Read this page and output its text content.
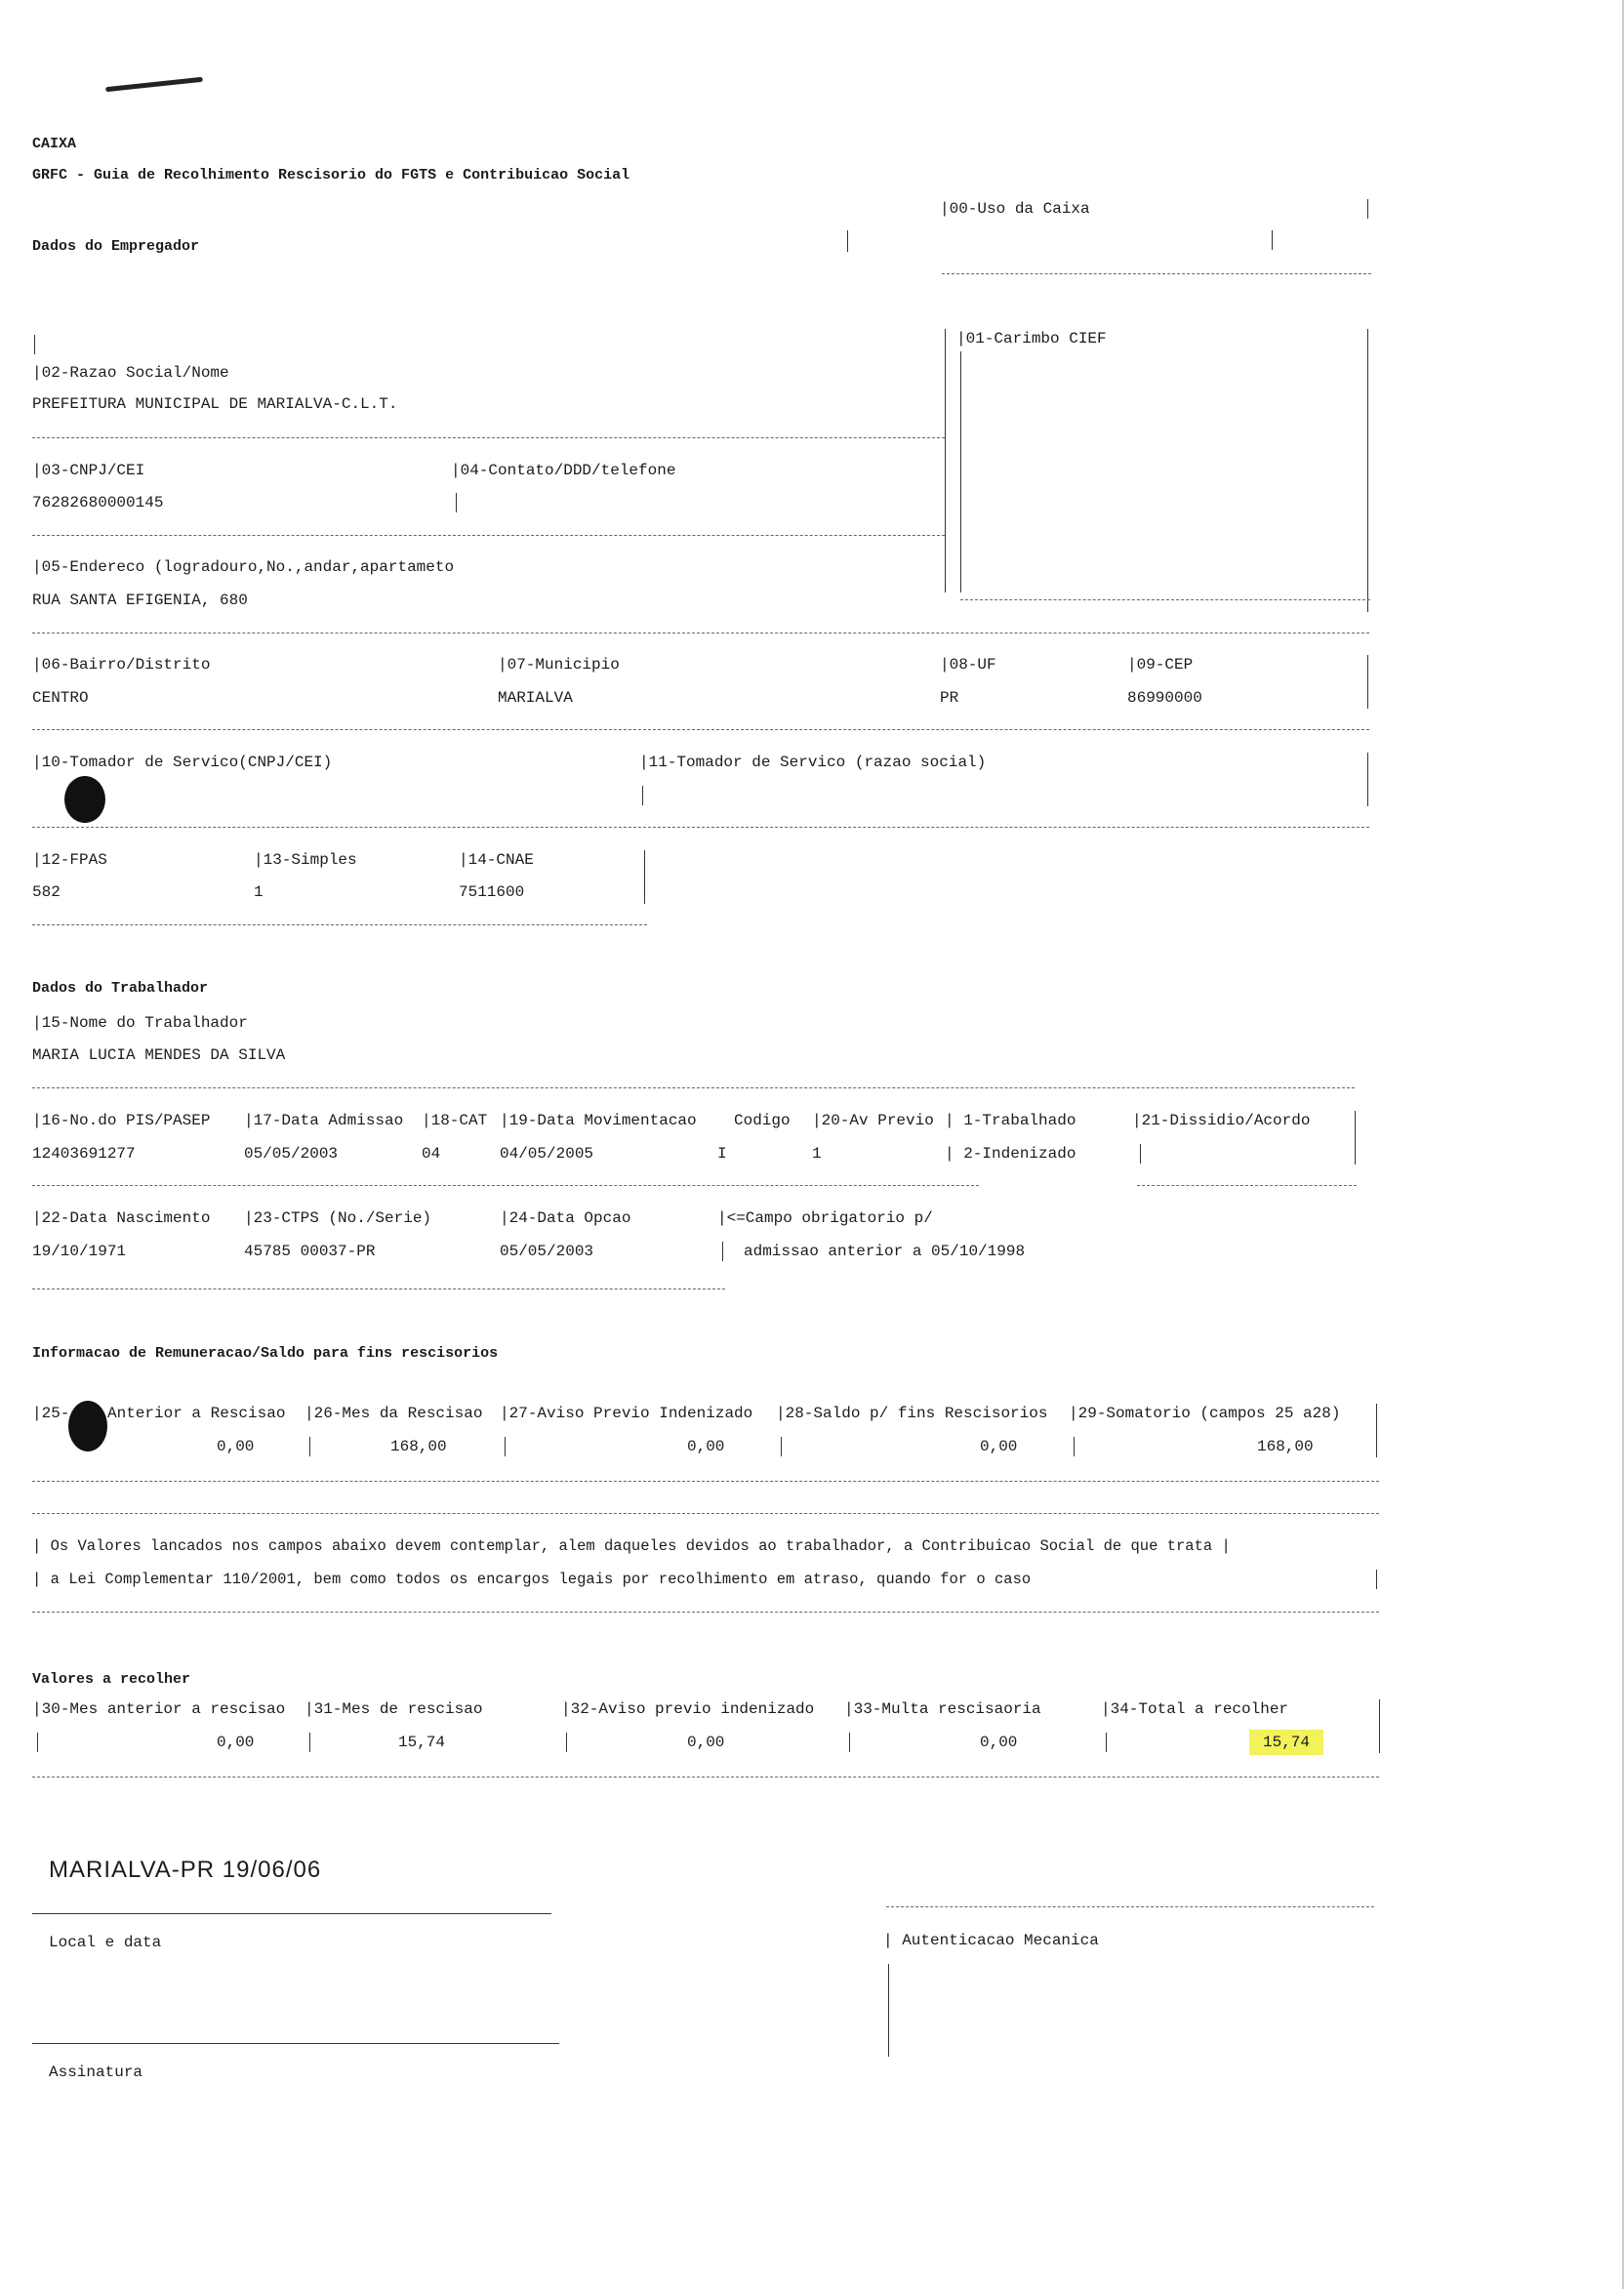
CAIXA
GRFC - Guia de Recolhimento Rescisorio do FGTS e Contribuicao Social
Dados do Empregador
|00-Uso da Caixa
|01-Carimbo CIEF
|02-Razao Social/Nome
PREFEITURA MUNICIPAL DE MARIALVA-C.L.T.
|03-CNPJ/CEI	|04-Contato/DDD/telefone
76282680000145
|05-Endereco (logradouro,No.,andar,apartameto
RUA SANTA EFIGENIA, 680
|06-Bairro/Distrito	|07-Municipio	|08-UF	|09-CEP
CENTRO	MARIALVA	PR	86990000
|10-Tomador de Servico(CNPJ/CEI)	|11-Tomador de Servico (razao social)
|12-FPAS	|13-Simples	|14-CNAE
582	1	7511600
Dados do Trabalhador
|15-Nome do Trabalhador
MARIA LUCIA MENDES DA SILVA
|16-No.do PIS/PASEP |17-Data Admissao |18-CAT |19-Data Movimentacao Codigo |20-Av Previo | 1-Trabalhado	|21-Dissidio/Acordo
12403691277	05/05/2003	04	04/05/2005	I	1	| 2-Indenizado
|22-Data Nascimento |23-CTPS (No./Serie)	|24-Data Opcao	|<=Campo obrigatorio p/
19/10/1971	45785 00037-PR	05/05/2003	admissao anterior a 05/10/1998
Informacao de Remuneracao/Saldo para fins rescisorios
|25- Anterior a Rescisao |26-Mes da Rescisao |27-Aviso Previo Indenizado |28-Saldo p/ fins Rescisorios |29-Somatorio (campos 25 a28)
0,00	168,00	0,00	0,00	168,00
| Os Valores lancados nos campos abaixo devem contemplar, alem daqueles devidos ao trabalhador, a Contribuicao Social de que trata |
| a Lei Complementar 110/2001, bem como todos os encargos legais por recolhimento em atraso, quando for o caso
Valores a recolher
|30-Mes anterior a rescisao |31-Mes de rescisao	|32-Aviso previo indenizado |33-Multa rescisaoria	|34-Total a recolher
0,00	15,74	0,00	0,00	15,74
MARIALVA-PR 19/06/06
Local e data
Assinatura
| Autenticacao Mecanica
